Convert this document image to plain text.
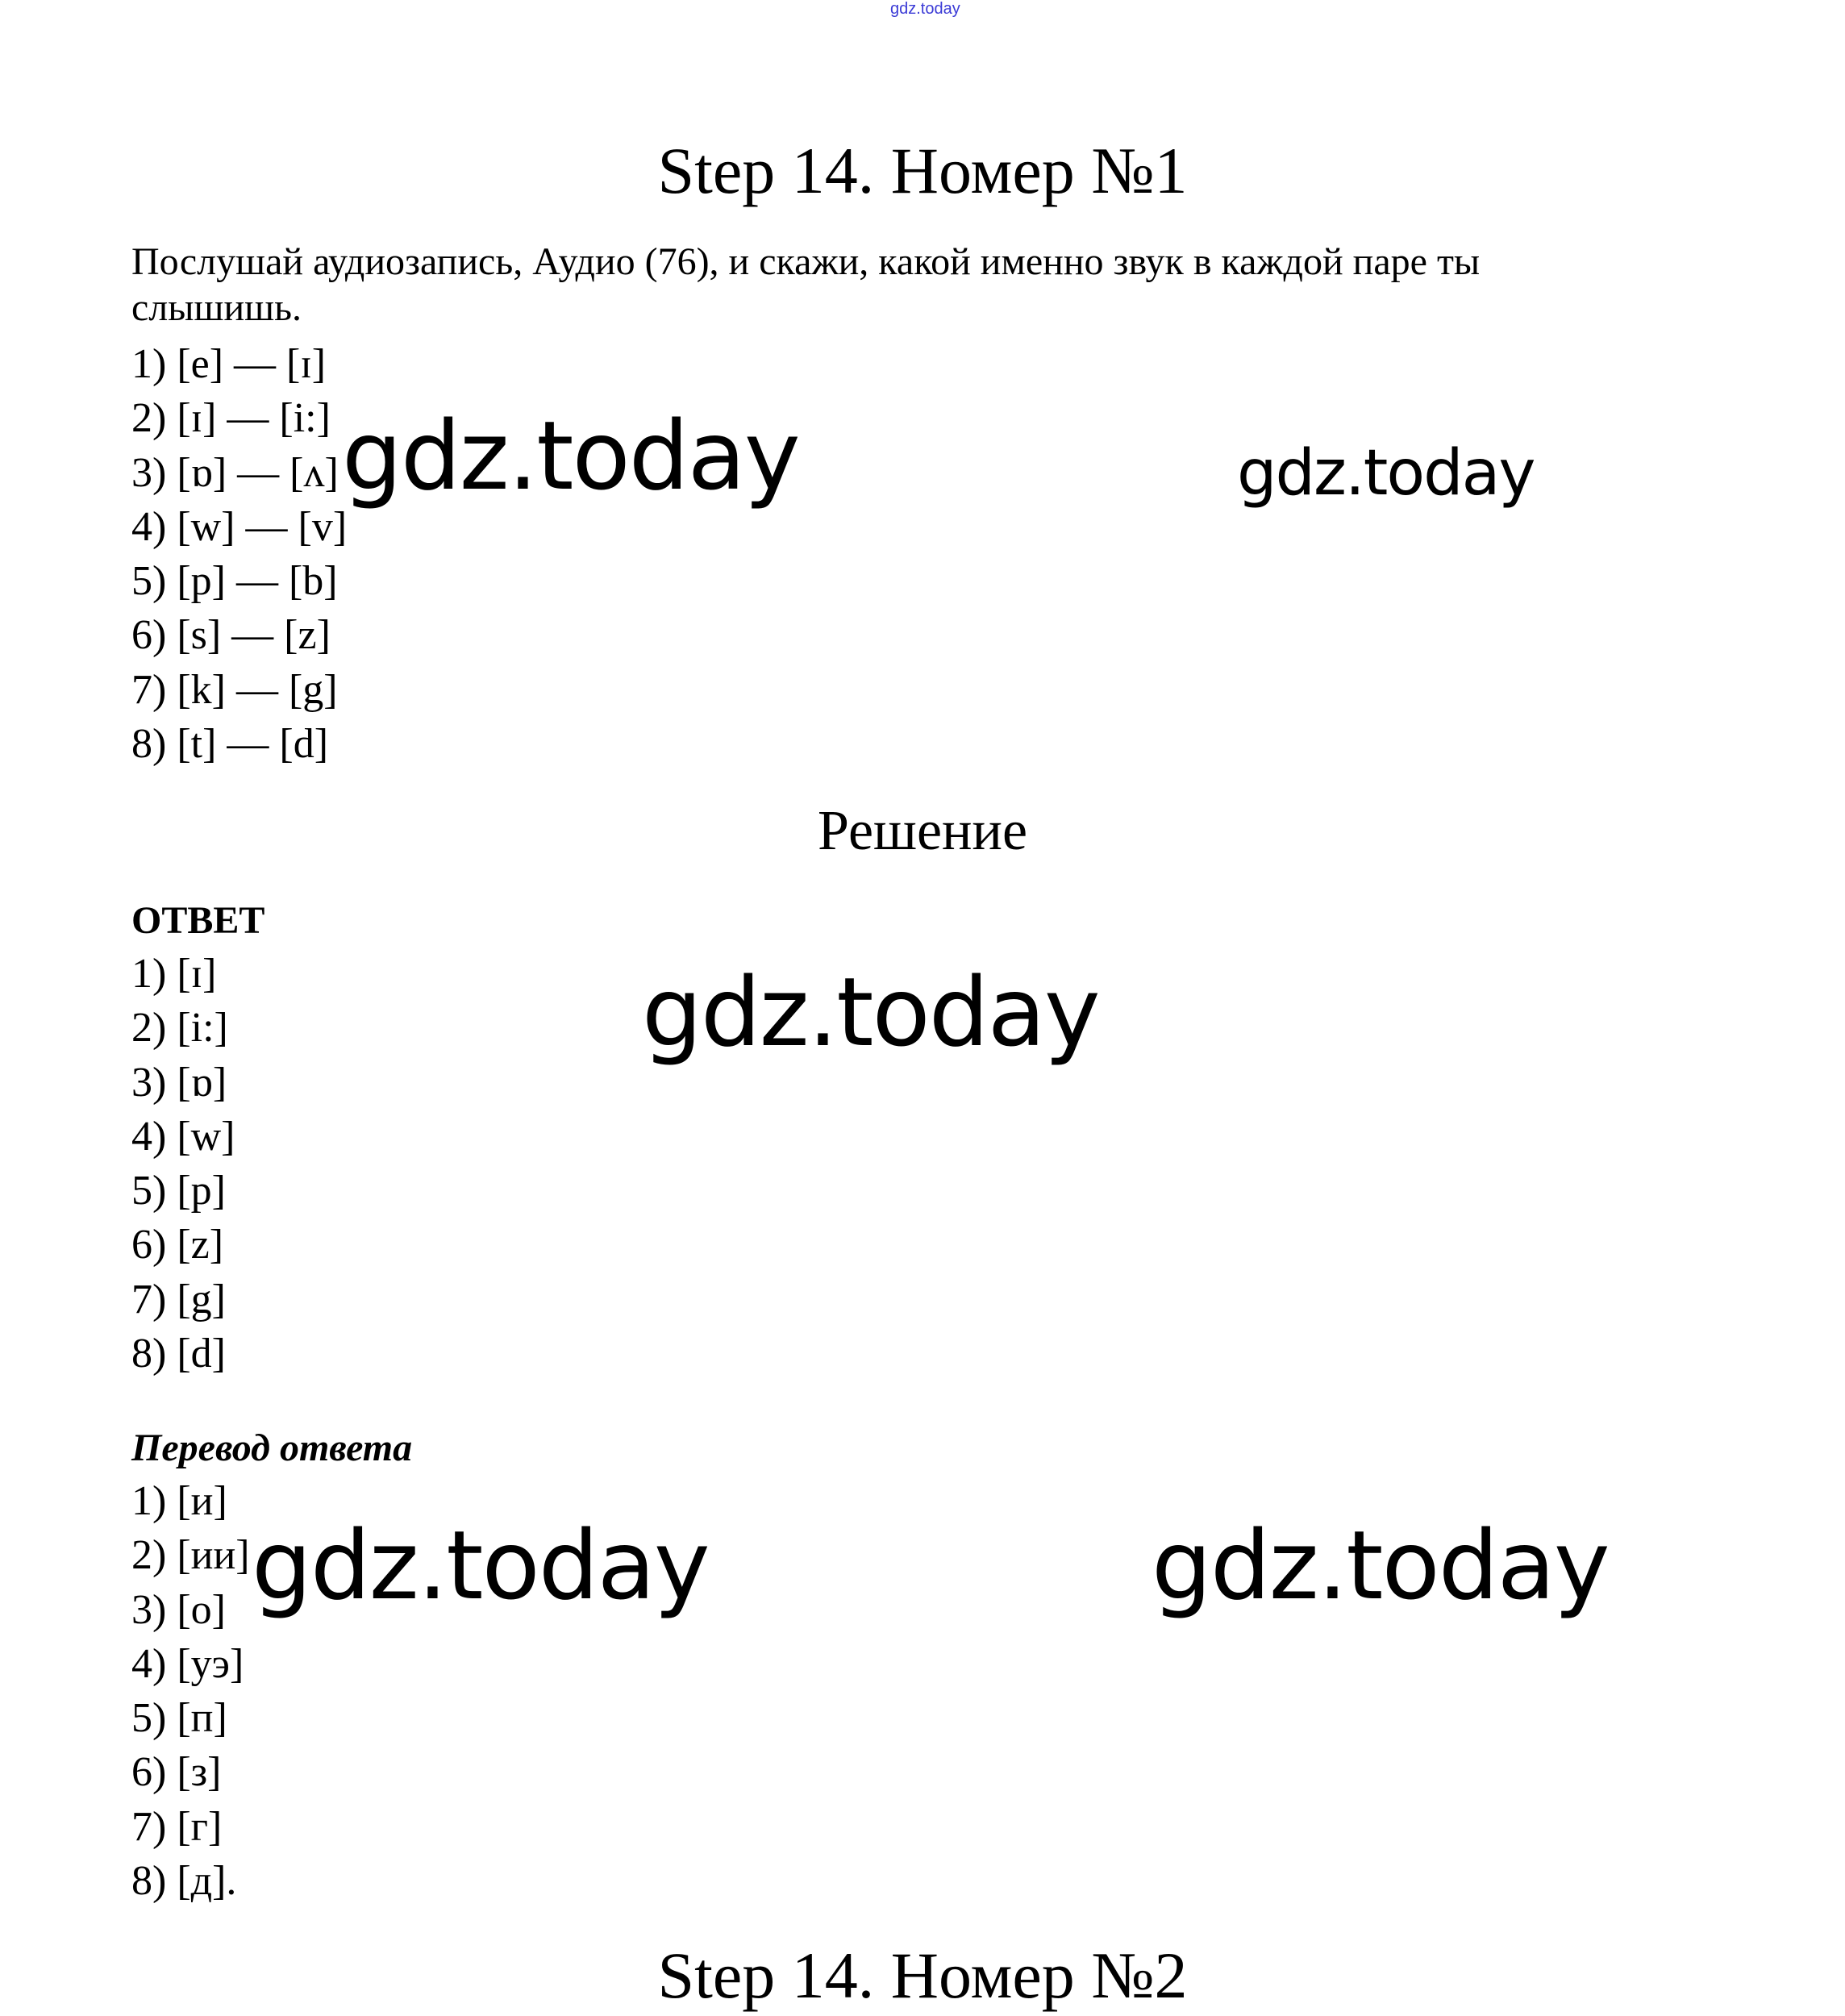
gdz.today
Step 14. Номер №1
Послушай аудиозапись, Аудио (76), и скажи, какой именно звук в каждой паре ты слышишь.
1) [e] — [ɪ]
2) [ɪ] — [i:]
3) [ɒ] — [ʌ]
4) [w] — [v]
5) [p] — [b]
6) [s] — [z]
7) [k] — [g]
8) [t] — [d]
Решение
ОТВЕТ
1) [ɪ]
2) [i:]
3) [ɒ]
4) [w]
5) [p]
6) [z]
7) [g]
8) [d]
Перевод ответа
1) [и]
2) [ии]
3) [о]
4) [уэ]
5) [п]
6) [з]
7) [г]
8) [д].
gdz.today	gdz.today
gdz.today
gdz.today	gdz.today
Step 14. Номер №2
